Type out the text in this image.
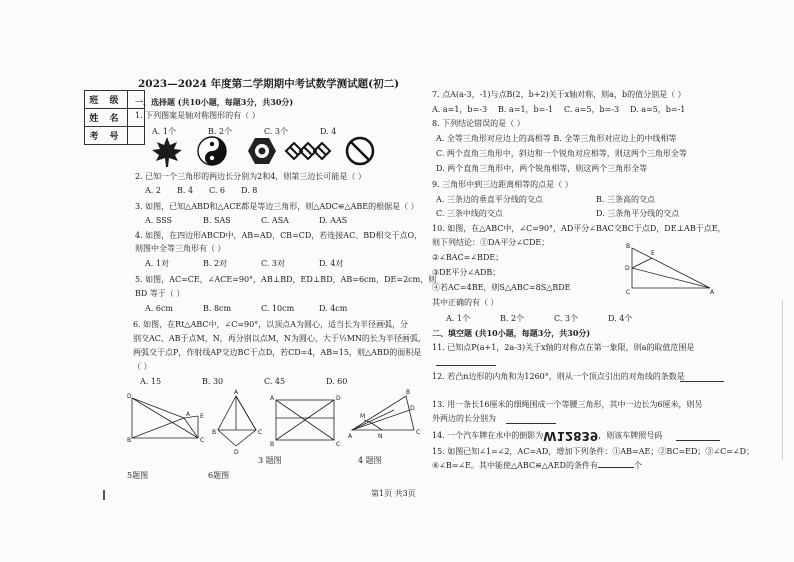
2023—2024 年度第二学期期中考试数学测试题(初二)
班 级	
姓 名	
考 号	
一、选择题 (共10小题，每题3分，共30分)
1. 下列图案是轴对称图形的有（ ）
A. 1个	B. 2个	C. 3个	D. 4
2. 已知一个三角形的两边长分别为2和4，则第三边长可能是（ ）
A. 2 B. 4 C. 6 D. 8
3. 如图，已知△ABD和△ACE都是等边三角形，则△ADC≌△ABE的根据是（ ）
A. SSS	B. SAS	C. ASA	D. AAS
4. 如图，在四边形ABCD中，AB=AD，CB=CD，若连接AC、BD相交于点O，
则图中全等三角形有（ ）
A. 1对	B. 2对	C. 3对	D. 4对
5. 如图，AC=CE，∠ACE=90°，AB⊥BD，ED⊥BD，AB=6cm，DE=2cm，则
BD 等于（ ）
A. 6cm	B. 8cm	C. 10cm	D. 4cm
6. 如图，在Rt△ABC中，∠C=90°，以顶点A为圆心，适当长为半径画弧，分
别交AC、AB于点M，N，再分别以点M，N为圆心，大于½MN的长为半径画弧，
两弧交于点P，作射线AP交边BC于点D，若CD=4，AB=15，则△ABD的面积是
（ ）
A. 15	B. 30	C. 45	D. 60
D
B
A E
C
A
B	C
D
A	D
B	C
A
C
B
M
N
D
3 题图	4 题图
5题图	6题图
7. 点A(a-3，-1)与点B(2，b+2)关于x轴对称，则a，b的值分别是（ ）
A. a=1，b=-3 B. a=1，b=-1 C. a=5，b=-3 D. a=5，b=-1
8. 下列结论错误的是（ ）
A. 全等三角形对应边上的高相等 B. 全等三角形对应边上的中线相等
C. 两个直角三角形中，斜边和一个锐角对应相等，则这两个三角形全等
D. 两个直角三角形中，两个锐角相等，则这两个三角形全等
9. 三角形中到三边距离相等的点是（ ）
A. 三条边的垂直平分线的交点	B. 三条高的交点
C. 三条中线的交点	D. 三条角平分线的交点
10. 如图，在△ABC中，∠C=90°，AD平分∠BAC交BC于点D，DE⊥AB于点E，
则下列结论：①DA平分∠CDE；
②∠BAC=∠BDE；
③DE平分∠ADB；
④若AC=4BE，则S△ABC=8S△BDE
其中正确的有（ ）
A. 1个	B. 2个	C. 3个	D. 4个
B
D
C	A
E
二、填空题 (共10小题，每题3分，共30分)
11. 已知点P(a+1，2a-3)关于x轴的对称点在第一象限，则a的取值范围是
12. 若凸n边形的内角和为1260°，则从一个顶点引出的对角线的条数是
13. 用一条长16厘米的细绳围成一个等腰三角形，其中一边长为6厘米，则另
外两边的长分别为
14. 一个汽车牌在水中的倒影为W12839，则该车牌照号码
15. 如图已知∠1=∠2，AC=AD，增加下列条件：①AB=AE；②BC=ED；③∠C=∠D；
④∠B=∠E。其中能使△ABC≌△AED的条件有	个
第1页 共3页
